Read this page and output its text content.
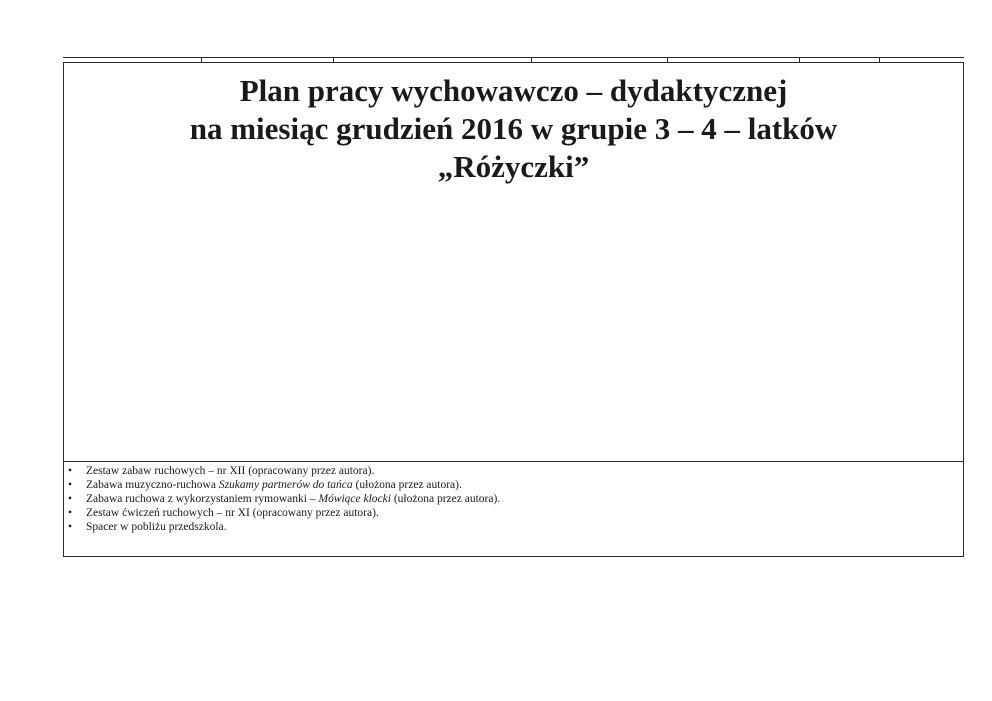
Plan pracy wychowawczo – dydaktycznej
na miesiąc grudzień 2016 w grupie 3 – 4 – latków
„Różyczki”
• Zestaw zabaw ruchowych – nr XII (opracowany przez autora).
• Zabawa muzyczno-ruchowa Szukamy partnerów do tańca (ułożona przez autora).
• Zabawa ruchowa z wykorzystaniem rymowanki – Mówiące klocki (ułożona przez autora).
• Zestaw ćwiczeń ruchowych – nr XI (opracowany przez autora).
• Spacer w pobliżu przedszkola.
